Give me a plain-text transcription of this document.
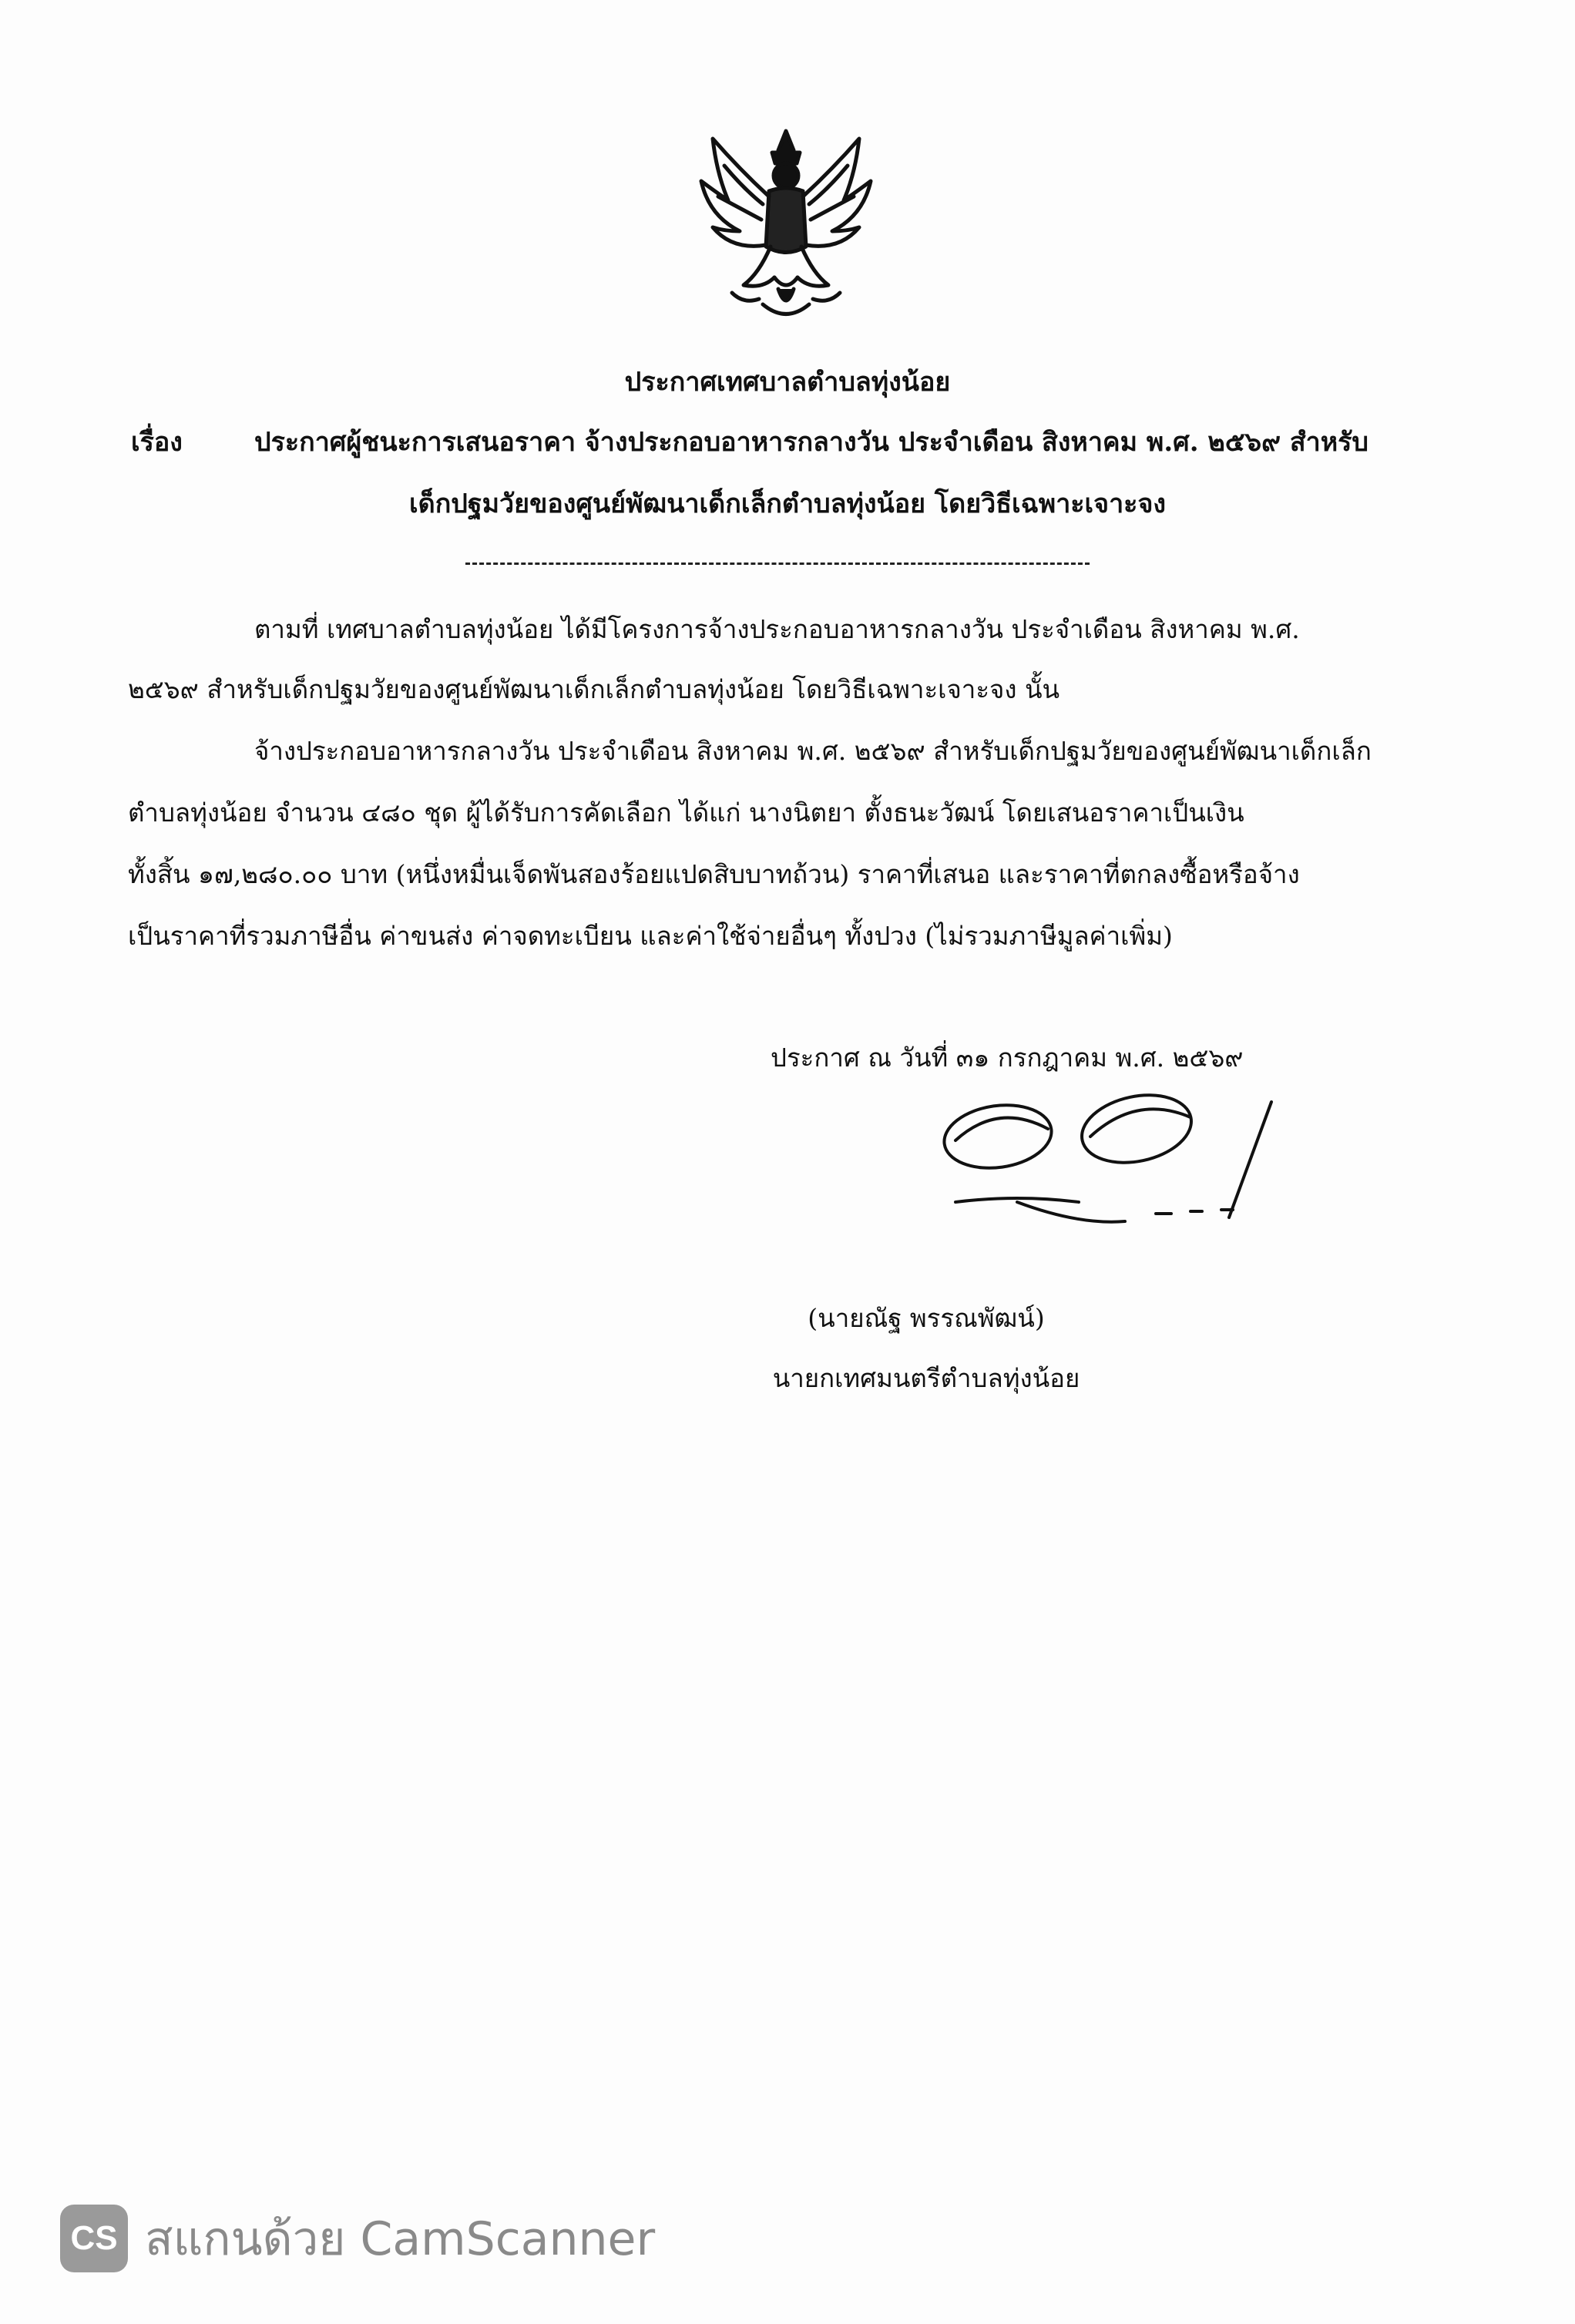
ประกาศเทศบาลตำบลทุ่งน้อย
เรื่อง	ประกาศผู้ชนะการเสนอราคา จ้างประกอบอาหารกลางวัน ประจำเดือน สิงหาคม พ.ศ. ๒๕๖๙ สำหรับ
เด็กปฐมวัยของศูนย์พัฒนาเด็กเล็กตำบลทุ่งน้อย โดยวิธีเฉพาะเจาะจง
ตามที่ เทศบาลตำบลทุ่งน้อย ได้มีโครงการจ้างประกอบอาหารกลางวัน ประจำเดือน สิงหาคม พ.ศ.
๒๕๖๙ สำหรับเด็กปฐมวัยของศูนย์พัฒนาเด็กเล็กตำบลทุ่งน้อย โดยวิธีเฉพาะเจาะจง นั้น
จ้างประกอบอาหารกลางวัน ประจำเดือน สิงหาคม พ.ศ. ๒๕๖๙ สำหรับเด็กปฐมวัยของศูนย์พัฒนาเด็กเล็ก
ตำบลทุ่งน้อย จำนวน ๔๘๐ ชุด ผู้ได้รับการคัดเลือก ได้แก่ นางนิตยา ตั้งธนะวัฒน์ โดยเสนอราคาเป็นเงิน
ทั้งสิ้น ๑๗,๒๘๐.๐๐ บาท (หนึ่งหมื่นเจ็ดพันสองร้อยแปดสิบบาทถ้วน) ราคาที่เสนอ และราคาที่ตกลงซื้อหรือจ้าง
เป็นราคาที่รวมภาษีอื่น ค่าขนส่ง ค่าจดทะเบียน และค่าใช้จ่ายอื่นๆ ทั้งปวง (ไม่รวมภาษีมูลค่าเพิ่ม)
ประกาศ ณ วันที่ ๓๑ กรกฎาคม พ.ศ. ๒๕๖๙
(นายณัฐ พรรณพัฒน์)
นายกเทศมนตรีตำบลทุ่งน้อย
CS สแกนด้วย CamScanner
